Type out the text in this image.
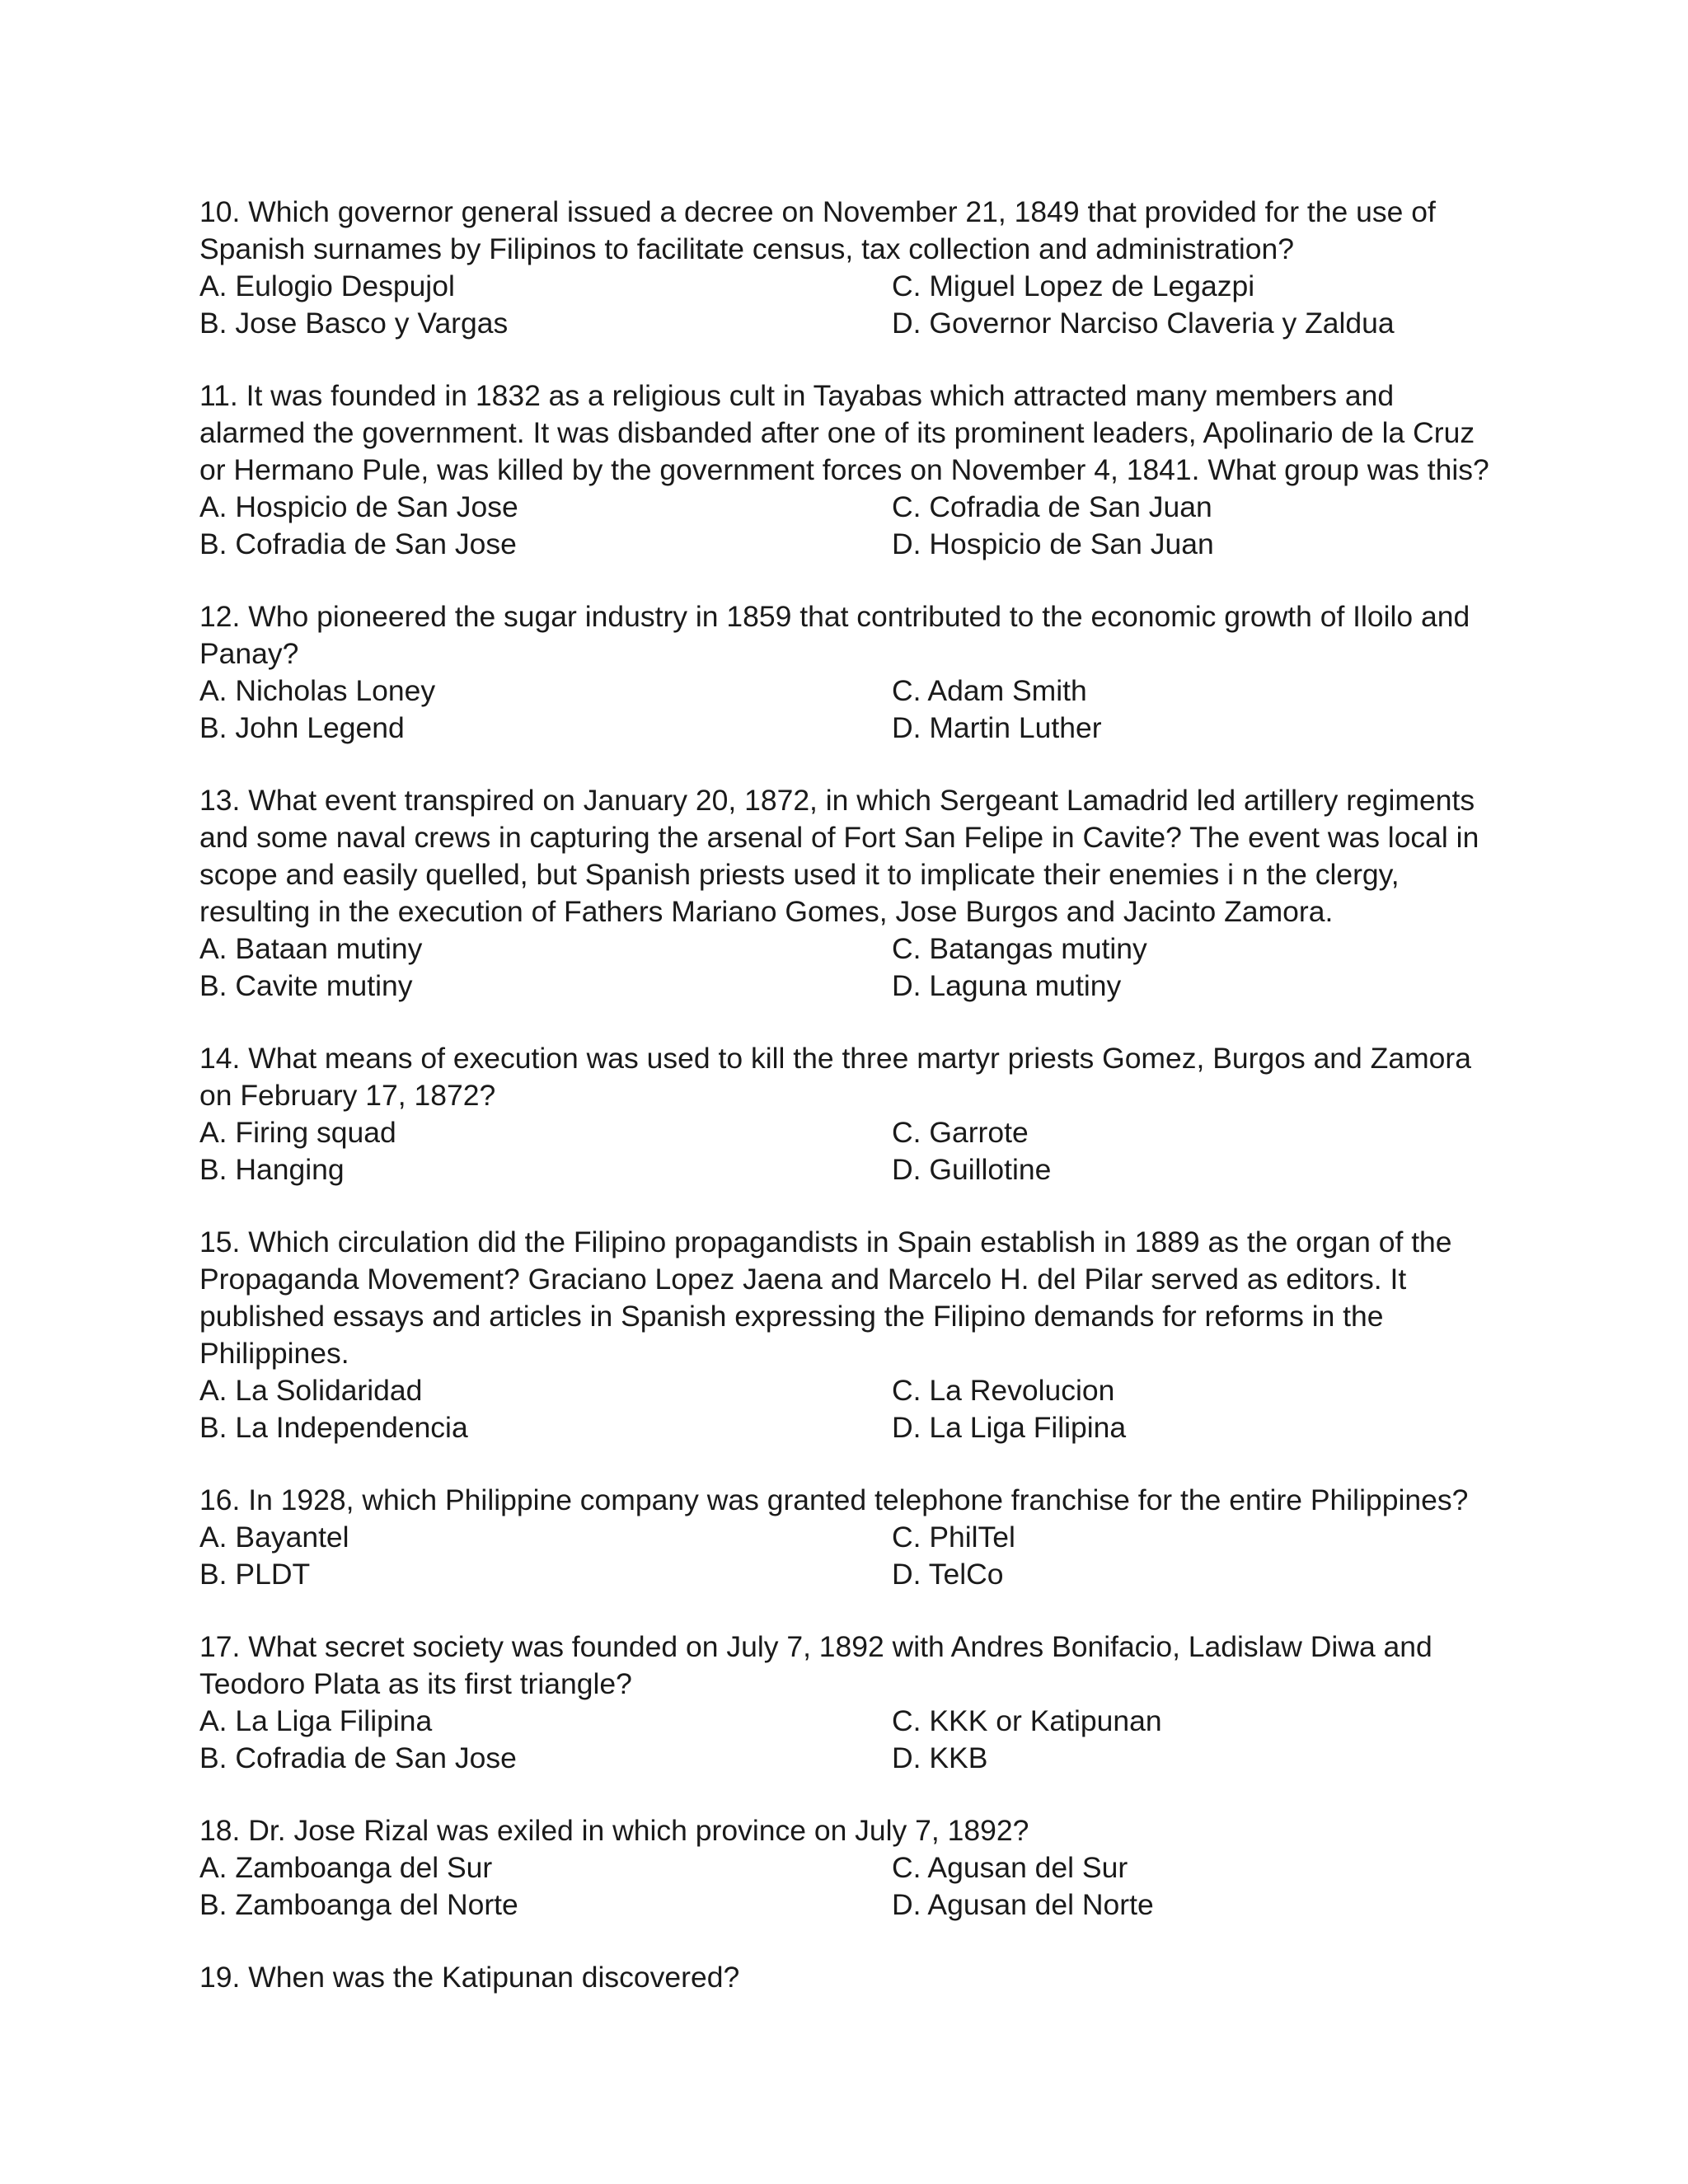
10. Which governor general issued a decree on November 21, 1849 that provided for the use of Spanish surnames by Filipinos to facilitate census, tax collection and administration?

A. Eulogio Despujol	C. Miguel Lopez de Legazpi

B. Jose Basco y Vargas	D. Governor Narciso Claveria y Zaldua

11. It was founded in 1832 as a religious cult in Tayabas which attracted many members and alarmed the government. It was disbanded after one of its prominent leaders, Apolinario de la Cruz or Hermano Pule, was killed by the government forces on November 4, 1841. What group was this?

A. Hospicio de San Jose	C. Cofradia de San Juan

B. Cofradia de San Jose	D. Hospicio de San Juan

12. Who pioneered the sugar industry in 1859 that contributed to the economic growth of Iloilo and Panay?

A. Nicholas Loney	C. Adam Smith

B. John Legend	D. Martin Luther

13. What event transpired on January 20, 1872, in which Sergeant Lamadrid led artillery regiments and some naval crews in capturing the arsenal of Fort San Felipe in Cavite? The event was local in scope and easily quelled, but Spanish priests used it to implicate their enemies i n the clergy, resulting in the execution of Fathers Mariano Gomes, Jose Burgos and Jacinto Zamora.

A. Bataan mutiny	C. Batangas mutiny

B. Cavite mutiny	D. Laguna mutiny

14. What means of execution was used to kill the three martyr priests Gomez, Burgos and Zamora on February 17, 1872?

A. Firing squad	C. Garrote

B. Hanging	D. Guillotine

15. Which circulation did the Filipino propagandists in Spain establish in 1889 as the organ of the Propaganda Movement? Graciano Lopez Jaena and Marcelo H. del Pilar served as editors. It published essays and articles in Spanish expressing the Filipino demands for reforms in the Philippines.

A. La Solidaridad	C. La Revolucion

B. La Independencia	D. La Liga Filipina

16. In 1928, which Philippine company was granted telephone franchise for the entire Philippines?

A. Bayantel	C. PhilTel

B. PLDT	D. TelCo

17. What secret society was founded on July 7, 1892 with Andres Bonifacio, Ladislaw Diwa and Teodoro Plata as its first triangle?

A. La Liga Filipina	C. KKK or Katipunan

B. Cofradia de San Jose	D. KKB

18. Dr. Jose Rizal was exiled in which province on July 7, 1892?

A. Zamboanga del Sur	C. Agusan del Sur

B. Zamboanga del Norte	D. Agusan del Norte

19. When was the Katipunan discovered?
